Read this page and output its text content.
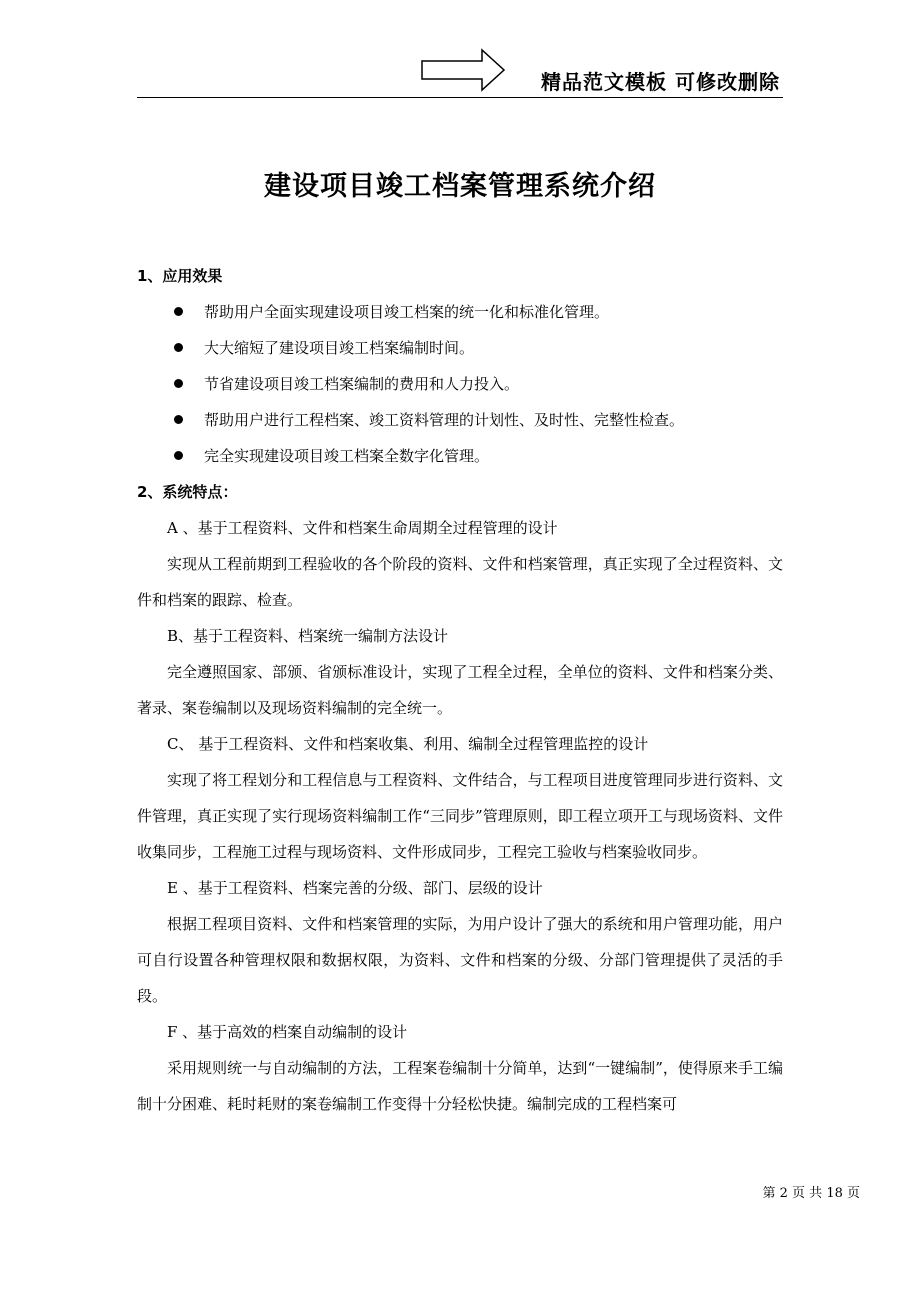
精品范文模板 可修改删除
建设项目竣工档案管理系统介绍
1、应用效果
帮助用户全面实现建设项目竣工档案的统一化和标准化管理。
大大缩短了建设项目竣工档案编制时间。
节省建设项目竣工档案编制的费用和人力投入。
帮助用户进行工程档案、竣工资料管理的计划性、及时性、完整性检查。
完全实现建设项目竣工档案全数字化管理。
2、系统特点：
A 、基于工程资料、文件和档案生命周期全过程管理的设计
实现从工程前期到工程验收的各个阶段的资料、文件和档案管理，真正实现了全过程资料、文件和档案的跟踪、检查。
B、基于工程资料、档案统一编制方法设计
完全遵照国家、部颁、省颁标准设计，实现了工程全过程，全单位的资料、文件和档案分类、著录、案卷编制以及现场资料编制的完全统一。
C、 基于工程资料、文件和档案收集、利用、编制全过程管理监控的设计
实现了将工程划分和工程信息与工程资料、文件结合，与工程项目进度管理同步进行资料、文件管理，真正实现了实行现场资料编制工作“三同步”管理原则，即工程立项开工与现场资料、文件收集同步，工程施工过程与现场资料、文件形成同步，工程完工验收与档案验收同步。
E 、基于工程资料、档案完善的分级、部门、层级的设计
根据工程项目资料、文件和档案管理的实际，为用户设计了强大的系统和用户管理功能，用户可自行设置各种管理权限和数据权限，为资料、文件和档案的分级、分部门管理提供了灵活的手段。
F 、基于高效的档案自动编制的设计
采用规则统一与自动编制的方法，工程案卷编制十分简单，达到“一键编制”，使得原来手工编制十分困难、耗时耗财的案卷编制工作变得十分轻松快捷。编制完成的工程档案可
第 2 页 共 18 页
